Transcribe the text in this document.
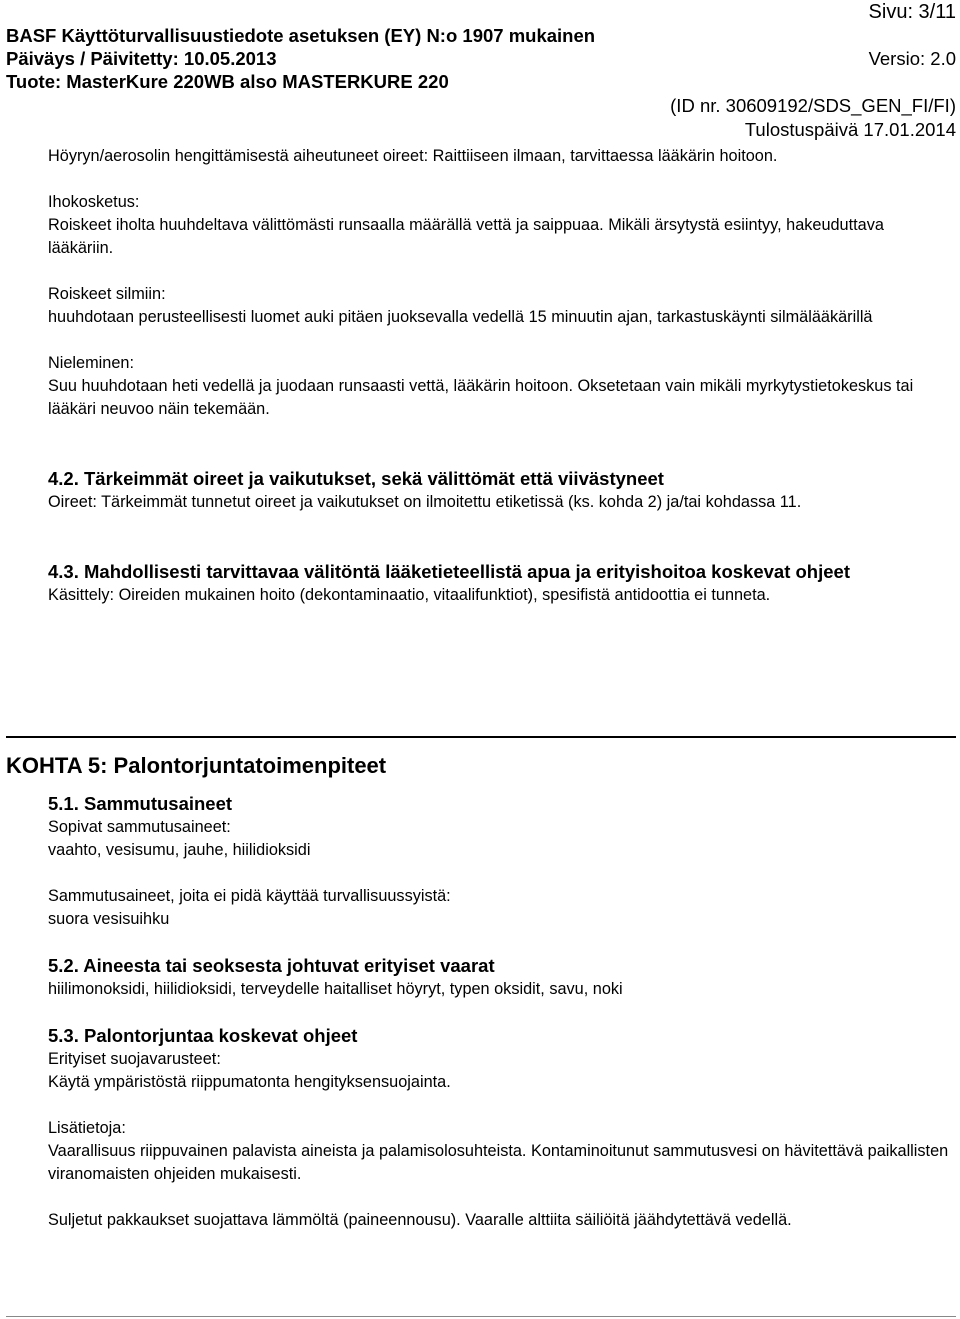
Sivu: 3/11
BASF Käyttöturvallisuustiedote asetuksen (EY) N:o 1907 mukainen
Päiväys / Päivitetty: 10.05.2013	Versio: 2.0
Tuote: MasterKure 220WB also MASTERKURE 220
(ID nr. 30609192/SDS_GEN_FI/FI)
Tulostuspäivä 17.01.2014

Höyryn/aerosolin hengittämisestä aiheutuneet oireet: Raittiiseen ilmaan, tarvittaessa lääkärin hoitoon.

Ihokosketus:

Roiskeet iholta huuhdeltava välittömästi runsaalla määrällä vettä ja saippuaa. Mikäli ärsytystä esiintyy, hakeuduttava lääkäriin.

Roiskeet silmiin:

huuhdotaan perusteellisesti luomet auki pitäen juoksevalla vedellä 15 minuutin ajan, tarkastuskäynti silmälääkärillä

Nieleminen:

Suu huuhdotaan heti vedellä ja juodaan runsaasti vettä, lääkärin hoitoon. Oksetetaan vain mikäli myrkytystietokeskus tai lääkäri neuvoo näin tekemään.

4.2. Tärkeimmät oireet ja vaikutukset, sekä välittömät että viivästyneet

Oireet: Tärkeimmät tunnetut oireet ja vaikutukset on ilmoitettu etiketissä (ks. kohda 2) ja/tai kohdassa 11.

4.3. Mahdollisesti tarvittavaa välitöntä lääketieteellistä apua ja erityishoitoa koskevat ohjeet

Käsittely: Oireiden mukainen hoito (dekontaminaatio, vitaalifunktiot), spesifistä antidoottia ei tunneta.

KOHTA 5: Palontorjuntatoimenpiteet

5.1. Sammutusaineet

Sopivat sammutusaineet:

vaahto, vesisumu, jauhe, hiilidioksidi

Sammutusaineet, joita ei pidä käyttää turvallisuussyistä:

suora vesisuihku

5.2. Aineesta tai seoksesta johtuvat erityiset vaarat

hiilimonoksidi, hiilidioksidi, terveydelle haitalliset höyryt, typen oksidit, savu, noki

5.3. Palontorjuntaa koskevat ohjeet

Erityiset suojavarusteet:

Käytä ympäristöstä riippumatonta hengityksensuojainta.

Lisätietoja:

Vaarallisuus riippuvainen palavista aineista ja palamisolosuhteista. Kontaminoitunut sammutusvesi on hävitettävä paikallisten viranomaisten ohjeiden mukaisesti.

Suljetut pakkaukset suojattava lämmöltä (paineennousu). Vaaralle alttiita säiliöitä jäähdytettävä vedellä.
